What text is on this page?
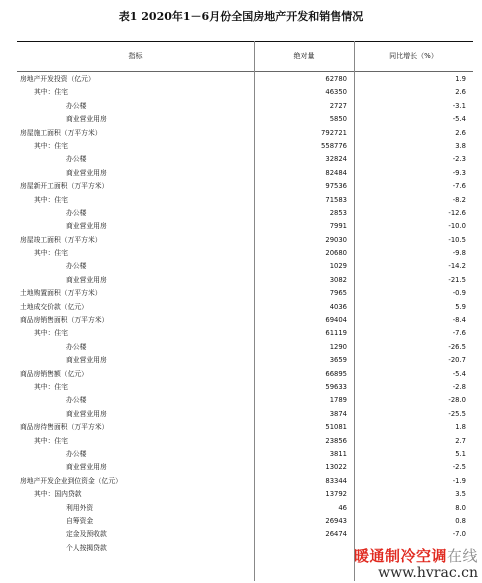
表1 2020年1－6月份全国房地产开发和销售情况
指标	绝对量	同比增长（%）
房地产开发投资（亿元）	62780	1.9
其中：住宅	46350	2.6
办公楼	2727	-3.1
商业营业用房	5850	-5.4
房屋施工面积（万平方米）	792721	2.6
其中：住宅	558776	3.8
办公楼	32824	-2.3
商业营业用房	82484	-9.3
房屋新开工面积（万平方米）	97536	-7.6
其中：住宅	71583	-8.2
办公楼	2853	-12.6
商业营业用房	7991	-10.0
房屋竣工面积（万平方米）	29030	-10.5
其中：住宅	20680	-9.8
办公楼	1029	-14.2
商业营业用房	3082	-21.5
土地购置面积（万平方米）	7965	-0.9
土地成交价款（亿元）	4036	5.9
商品房销售面积（万平方米）	69404	-8.4
其中：住宅	61119	-7.6
办公楼	1290	-26.5
商业营业用房	3659	-20.7
商品房销售额（亿元）	66895	-5.4
其中：住宅	59633	-2.8
办公楼	1789	-28.0
商业营业用房	3874	-25.5
商品房待售面积（万平方米）	51081	1.8
其中：住宅	23856	2.7
办公楼	3811	5.1
商业营业用房	13022	-2.5
房地产开发企业到位资金（亿元）	83344	-1.9
其中：国内贷款	13792	3.5
利用外资	46	8.0
自筹资金	26943	0.8
定金及预收款	26474	-7.0
个人按揭贷款	暖通制冷空调在线
www.hvrac.cn
